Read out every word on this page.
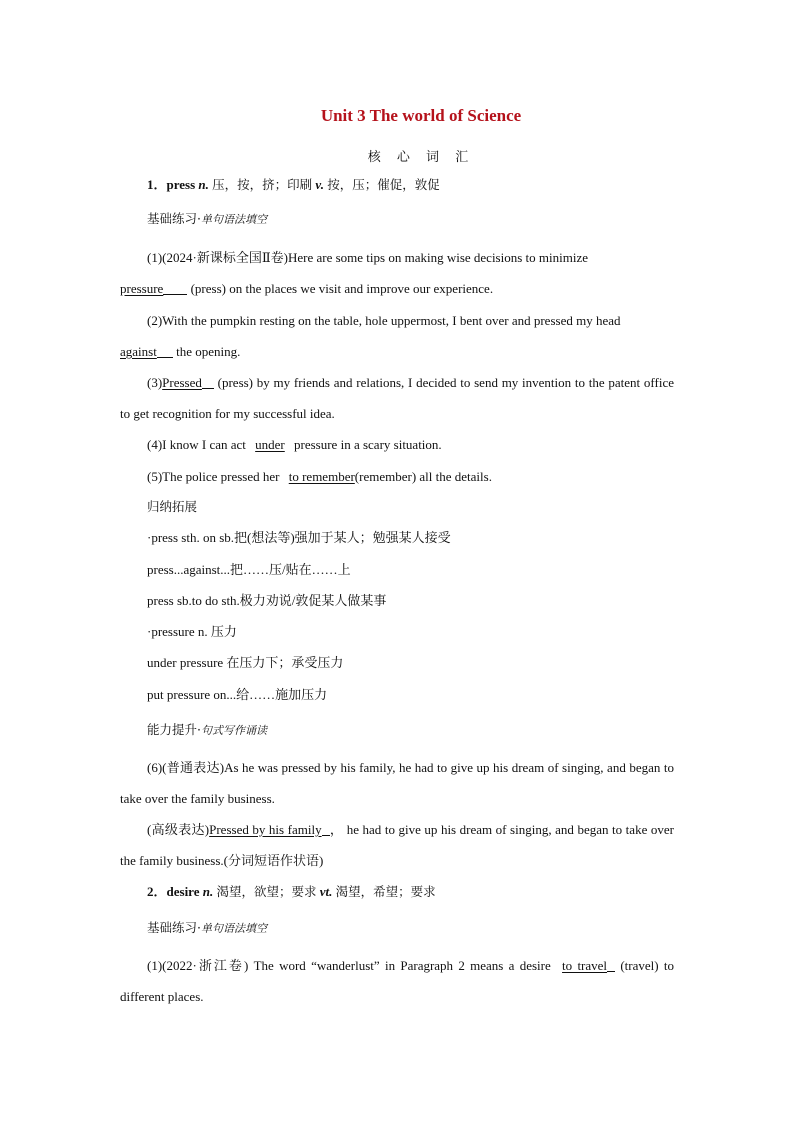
Unit 3 The world of Science
核 心 词 汇
1．press n. 压，按，挤；印刷 v. 按，压；催促，敦促
基础练习·单句语法填空
(1)(2024·新课标全国Ⅱ卷)Here are some tips on making wise decisions to minimize
pressure (press) on the places we visit and improve our experience.
(2)With the pumpkin resting on the table, hole uppermost, I bent over and pressed my head
against the opening.
(3)Pressed (press) by my friends and relations, I decided to send my invention to the patent office to get recognition for my successful idea.
(4)I know I can act under pressure in a scary situation.
(5)The police pressed her to remember(remember) all the details.
归纳拓展
·press sth. on sb.把(想法等)强加于某人；勉强某人接受
press...against...把……压/贴在……上
press sb.to do sth.极力劝说/敦促某人做某事
·pressure n. 压力
under pressure 在压力下；承受压力
put pressure on...给……施加压力
能力提升·句式写作诵读
(6)(普通表达)As he was pressed by his family, he had to give up his dream of singing, and began to take over the family business.
(高级表达)Pressed by his family ， he had to give up his dream of singing, and began to take over the family business.(分词短语作状语)
2．desire n. 渴望，欲望；要求 vt. 渴望，希望；要求
基础练习·单句语法填空
(1)(2022·浙江卷) The word “wanderlust” in Paragraph 2 means a desire to travel (travel) to different places.
